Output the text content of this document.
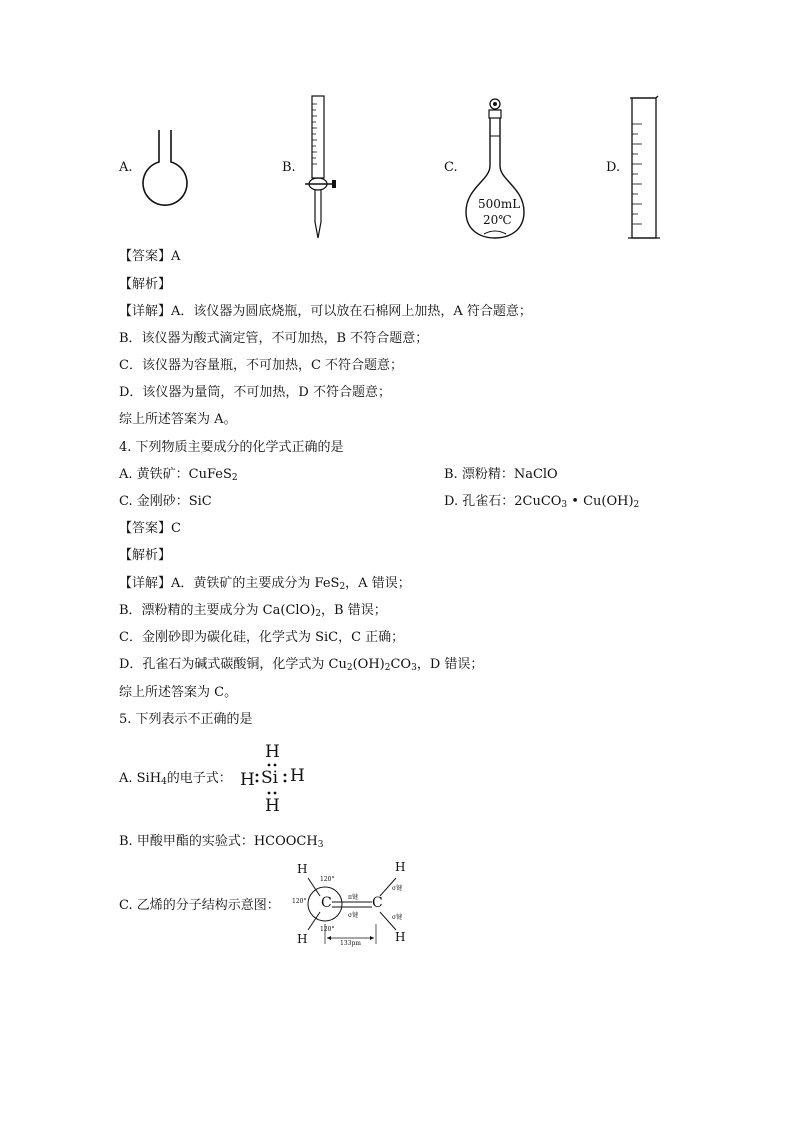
A.	B.	C.
500mL
20℃
D.
【答案】A
【解析】
【详解】A．该仪器为圆底烧瓶，可以放在石棉网上加热，A 符合题意；
B．该仪器为酸式滴定管，不可加热，B 不符合题意；
C．该仪器为容量瓶，不可加热，C 不符合题意；
D．该仪器为量筒，不可加热，D 不符合题意；
综上所述答案为 A。
4. 下列物质主要成分的化学式正确的是
A. 黄铁矿：CuFeS$_2$	B. 漂粉精：NaClO
C. 金刚砂：SiC	D. 孔雀石：2CuCO$_3$ • $Cu(OH)_2$
【答案】C
【解析】
【详解】A．黄铁矿的主要成分为 FeS$_2$，A 错误；
B．漂粉精的主要成分为 $Ca(ClO)_2$，B 错误；
C．金刚砂即为碳化硅，化学式为 SiC，C 正确；
D．孔雀石为碱式碳酸铜，化学式为 $Cu_2(OH)_2CO_3$，D 错误；
综上所述答案为 C。
5. 下列表示不正确的是
A. SiH$_4$的电子式：
H
H Si H
H
B. 甲酸甲酯的实验式：$HCOOCH_3$
C. 乙烯的分子结构示意图：
H
H
H
H
C	C
120°
120°
120°
π键
σ键
σ键
σ键
133pm
